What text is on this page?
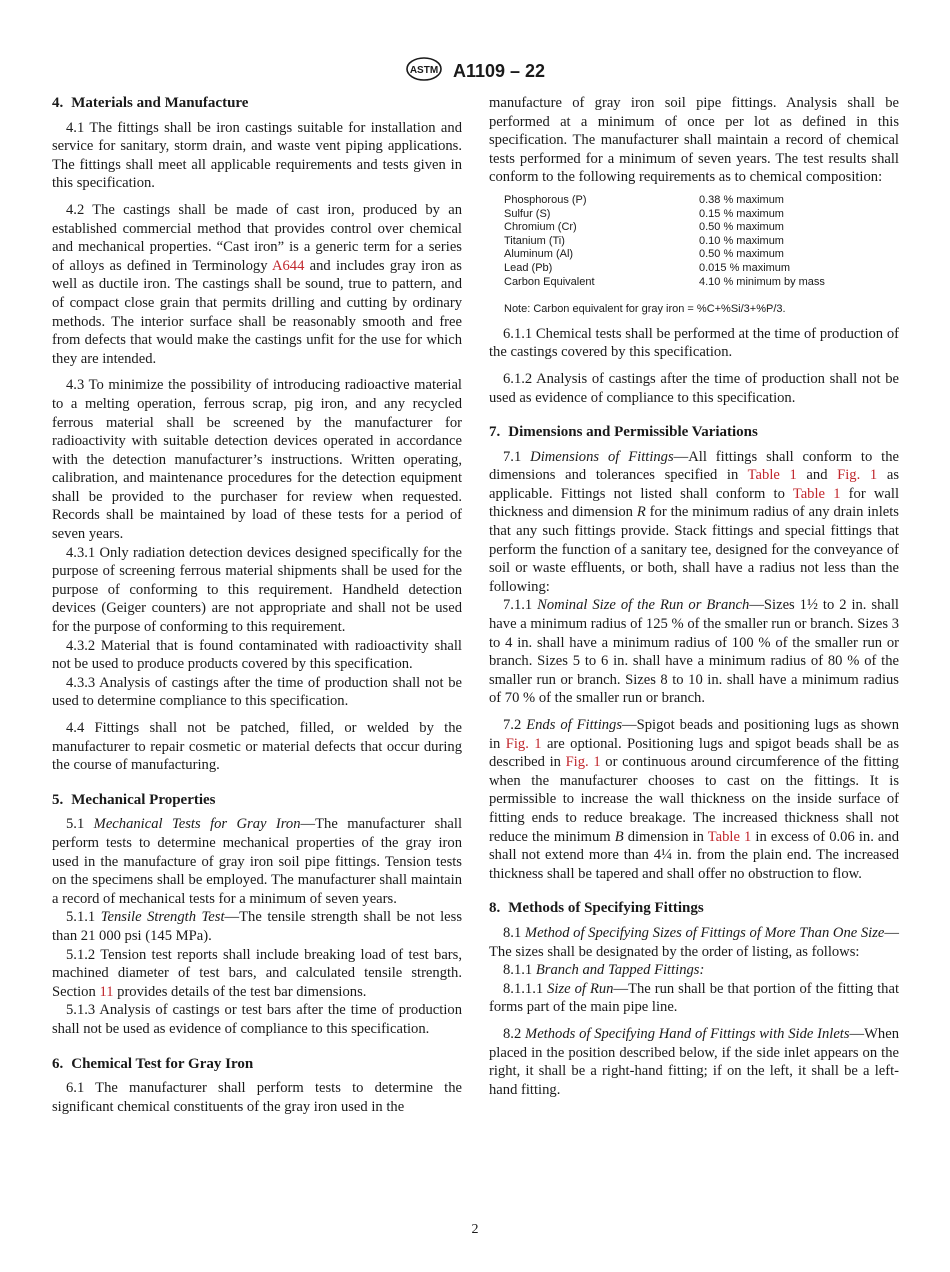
ASTM A1109 – 22
4. Materials and Manufacture

4.1 The fittings shall be iron castings suitable for installation and service for sanitary, storm drain, and waste vent piping applications. The fittings shall meet all applicable requirements and tests given in this specification.

4.2 The castings shall be made of cast iron, produced by an established commercial method that provides control over chemical and mechanical properties. “Cast iron” is a generic term for a series of alloys as defined in Terminology A644 and includes gray iron as well as ductile iron. The castings shall be sound, true to pattern, and of compact close grain that permits drilling and cutting by ordinary methods. The interior surface shall be reasonably smooth and free from defects that would make the castings unfit for the use for which they are intended.

4.3 To minimize the possibility of introducing radioactive material to a melting operation, ferrous scrap, pig iron, and any recycled ferrous material shall be screened by the manufacturer for radioactivity with suitable detection devices operated in accordance with the detection manufacturer’s instructions. Written operating, calibration, and maintenance procedures for the detection equipment shall be provided to the purchaser for review when requested. Records shall be maintained by load of these tests for a period of seven years.

4.3.1 Only radiation detection devices designed specifically for the purpose of screening ferrous material shipments shall be used for the purpose of conforming to this requirement. Handheld detection devices (Geiger counters) are not appropriate and shall not be used for the purpose of conforming to this requirement.

4.3.2 Material that is found contaminated with radioactivity shall not be used to produce products covered by this specification.

4.3.3 Analysis of castings after the time of production shall not be used to determine compliance to this specification.

4.4 Fittings shall not be patched, filled, or welded by the manufacturer to repair cosmetic or material defects that occur during the course of manufacturing.

5. Mechanical Properties

5.1 Mechanical Tests for Gray Iron—The manufacturer shall perform tests to determine mechanical properties of the gray iron used in the manufacture of gray iron soil pipe fittings. Tension tests on the specimens shall be employed. The manufacturer shall maintain a record of mechanical tests for a minimum of seven years.

5.1.1 Tensile Strength Test—The tensile strength shall be not less than 21 000 psi (145 MPa).

5.1.2 Tension test reports shall include breaking load of test bars, machined diameter of test bars, and calculated tensile strength. Section 11 provides details of the test bar dimensions.

5.1.3 Analysis of castings or test bars after the time of production shall not be used as evidence of compliance to this specification.

6. Chemical Test for Gray Iron

6.1 The manufacturer shall perform tests to determine the significant chemical constituents of the gray iron used in the

manufacture of gray iron soil pipe fittings. Analysis shall be performed at a minimum of once per lot as defined in this specification. The manufacturer shall maintain a record of chemical tests performed for a minimum of seven years. The test results shall conform to the following requirements as to chemical composition:

Phosphorous (P)	0.38 % maximum
Sulfur (S)	0.15 % maximum
Chromium (Cr)	0.50 % maximum
Titanium (Ti)	0.10 % maximum
Aluminum (Al)	0.50 % maximum
Lead (Pb)	0.015 % maximum
Carbon Equivalent	4.10 % minimum by mass

Note: Carbon equivalent for gray iron = %C+%Si/3+%P/3.

6.1.1 Chemical tests shall be performed at the time of production of the castings covered by this specification.

6.1.2 Analysis of castings after the time of production shall not be used as evidence of compliance to this specification.

7. Dimensions and Permissible Variations

7.1 Dimensions of Fittings—All fittings shall conform to the dimensions and tolerances specified in Table 1 and Fig. 1 as applicable. Fittings not listed shall conform to Table 1 for wall thickness and dimension R for the minimum radius of any drain inlets that any such fittings provide. Stack fittings and special fittings that perform the function of a sanitary tee, designed for the conveyance of soil or waste effluents, or both, shall have a radius not less than the following:

7.1.1 Nominal Size of the Run or Branch—Sizes 1½ to 2 in. shall have a minimum radius of 125 % of the smaller run or branch. Sizes 3 to 4 in. shall have a minimum radius of 100 % of the smaller run or branch. Sizes 5 to 6 in. shall have a minimum radius of 80 % of the smaller run or branch. Sizes 8 to 10 in. shall have a minimum radius of 70 % of the smaller run or branch.

7.2 Ends of Fittings—Spigot beads and positioning lugs as shown in Fig. 1 are optional. Positioning lugs and spigot beads shall be as described in Fig. 1 or continuous around circumference of the fitting when the manufacturer chooses to cast on the fittings. It is permissible to increase the wall thickness on the inside surface of fitting ends to reduce breakage. The increased thickness shall not reduce the minimum B dimension in Table 1 in excess of 0.06 in. and shall not extend more than 4¼ in. from the plain end. The increased thickness shall be tapered and shall offer no obstruction to flow.

8. Methods of Specifying Fittings

8.1 Method of Specifying Sizes of Fittings of More Than One Size—The sizes shall be designated by the order of listing, as follows:

8.1.1 Branch and Tapped Fittings:

8.1.1.1 Size of Run—The run shall be that portion of the fitting that forms part of the main pipe line.

8.2 Methods of Specifying Hand of Fittings with Side Inlets—When placed in the position described below, if the side inlet appears on the right, it shall be a right-hand fitting; if on the left, it shall be a left-hand fitting.

2
